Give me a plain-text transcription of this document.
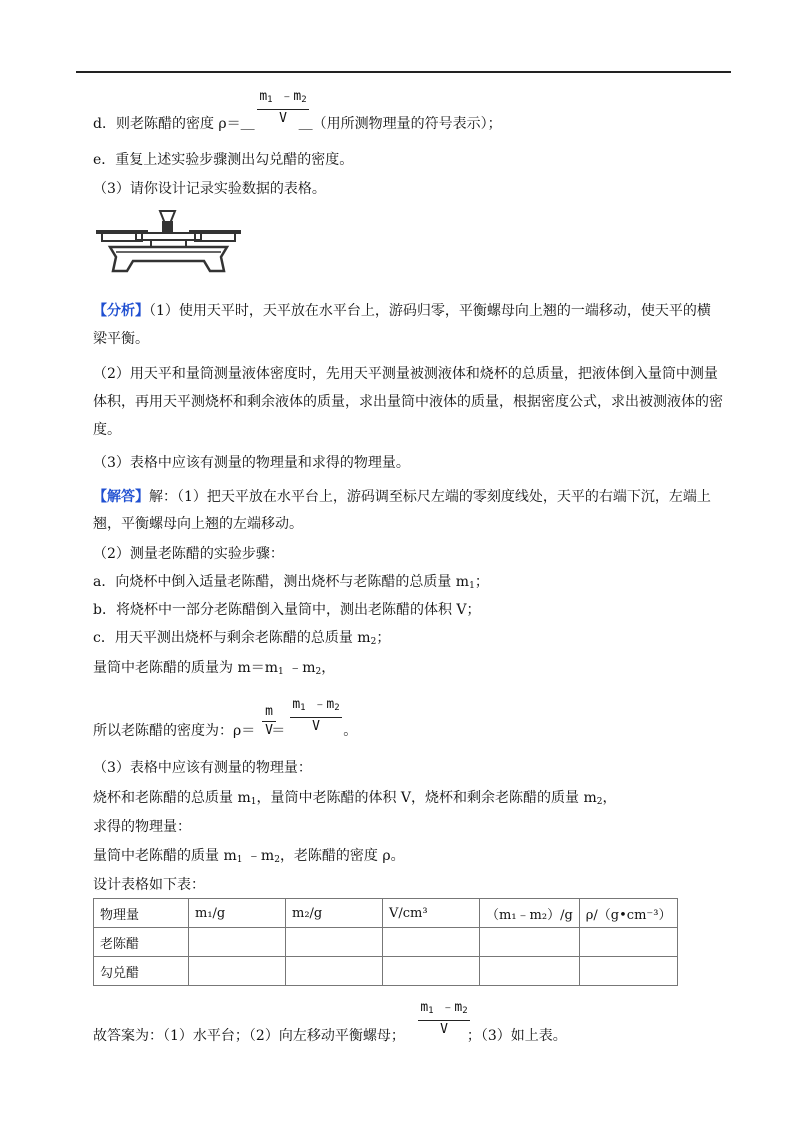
d．则老陈醋的密度 ρ＝＿	＿（用所测物理量的符号表示）；
$m_1$ $﹣m_2$
V
e．重复上述实验步骤测出勾兑醋的密度。
（3）请你设计记录实验数据的表格。
【分析】（1）使用天平时，天平放在水平台上，游码归零，平衡螺母向上翘的一端移动，使天平的横
梁平衡。
（2）用天平和量筒测量液体密度时，先用天平测量被测液体和烧杯的总质量，把液体倒入量筒中测量
体积，再用天平测烧杯和剩余液体的质量，求出量筒中液体的质量，根据密度公式，求出被测液体的密
度。
（3）表格中应该有测量的物理量和求得的物理量。
【解答】解：（1）把天平放在水平台上，游码调至标尺左端的零刻度线处，天平的右端下沉，左端上
翘，平衡螺母向上翘的左端移动。
（2）测量老陈醋的实验步骤：
a．向烧杯中倒入适量老陈醋，测出烧杯与老陈醋的总质量 $m_1$；
b．将烧杯中一部分老陈醋倒入量筒中，测出老陈醋的体积 V；
c．用天平测出烧杯与剩余老陈醋的总质量 $m_2$；
量筒中老陈醋的质量为 $m=m_1$ $﹣m_2$，
所以老陈醋的密度为：ρ＝ ＝	。
m
V
$m_1$ $﹣m_2$
V
（3）表格中应该有测量的物理量：
烧杯和老陈醋的总质量 $m_1$，量筒中老陈醋的体积 V，烧杯和剩余老陈醋的质量 $m_2$，
求得的物理量：
量筒中老陈醋的质量 $m_1$ $﹣m_2$，老陈醋的密度 ρ。
设计表格如下表：
物理量	m₁/g	m₂/g	V/cm³	（m₁﹣m₂）/g	ρ/（g•cm⁻³）
老陈醋					
勾兑醋					
故答案为：（1）水平台；（2）向左移动平衡螺母；	；（3）如上表。
$m_1$ $﹣m_2$
V
